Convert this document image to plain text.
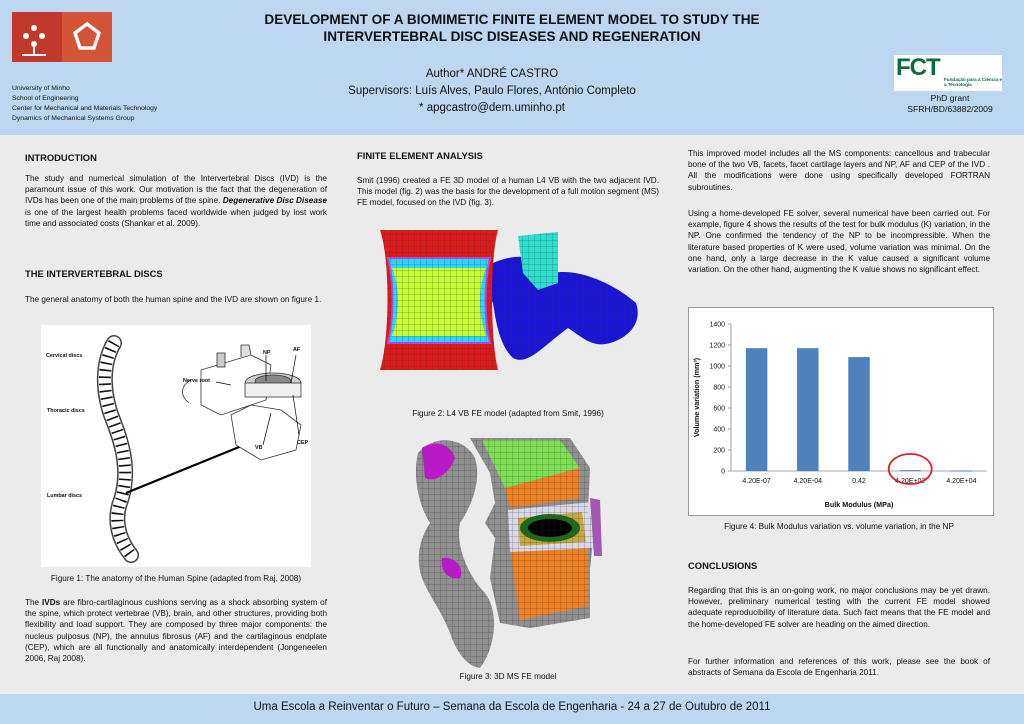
DEVELOPMENT OF A BIOMIMETIC FINITE ELEMENT MODEL TO STUDY THE
INTERVERTEBRAL DISC DISEASES AND REGENERATION
Author* ANDRÉ CASTRO
Supervisors: Luís Alves, Paulo Flores, António Completo
* apgcastro@dem.uminho.pt
University of Minho
School of Engineering
Center for Mechanical and Materials Technology
Dynamics of Mechanical Systems Group
FCT Fundação para a Ciência e a Tecnologia
PhD grant
SFRH/BD/63882/2009
INTRODUCTION
The study and numerical simulation of the Intervertebral Discs (IVD) is the paramount issue of this work. Our motivation is the fact that the degeneration of IVDs has been one of the main problems of the spine. Degenerative Disc Disease is one of the largest health problems faced worldwide when judged by lost work time and associated costs (Shankar et al. 2009).
THE INTERVERTEBRAL DISCS
The general anatomy of both the human spine and the IVD are shown on figure 1.
Cervical discs
Thoracic discs
Lumbar discs
Nerve root
NP	AF
CEP
VB
Figure 1: The anatomy of the Human Spine (adapted from Raj, 2008)
The IVDs are fibro-cartilaginous cushions serving as a shock absorbing system of the spine, which protect vertebrae (VB), brain, and other structures, providing both flexibility and load support. They are composed by three major components: the nucleus pulposus (NP), the annulus fibrosus (AF) and the cartilaginous endplate (CEP), which are all functionally and anatomically interdependent (Jongeneelen 2006, Raj 2008).
FINITE ELEMENT ANALYSIS
Smit (1996) created a FE 3D model of a human L4 VB with the two adjacent IVD. This model (fig. 2) was the basis for the development of a full motion segment (MS) FE model, focused on the IVD (fig. 3).
Figure 2: L4 VB FE model (adapted from Smit, 1996)
Figure 3: 3D MS FE model
This improved model includes all the MS components: cancellous and trabecular bone of the two VB, facets, facet cartilage layers and NP, AF and CEP of the IVD . All the modifications were done using specifically developed FORTRAN subroutines.
Using a home-developed FE solver, several numerical have been carried out. For example, figure 4 shows the results of the test for bulk modulus (K) variation, in the NP. One confirmed the tendency of the NP to be incompressible. When the literature based properties of K were used, volume variation was minimal. On the one hand, only a large decrease in the K value caused a significant volume variation. On the other hand, augmenting the K value shows no significant effect.
0
200
400
600
800
1000
1200
1400
4.20E-07	4.20E-04	0.42	4.20E+02	4.20E+04
Bulk Modulus (MPa)
Volume variation (mm³)
Figure 4: Bulk Modulus variation vs. volume variation, in the NP
CONCLUSIONS
Regarding that this is an on-going work, no major conclusions may be yet drawn. However, preliminary numerical testing with the current FE model showed adequate reproducibility of literature data. Such fact means that the FE model and the home-developed FE solver are heading on the aimed direction.
For further information and references of this work, please see the book of abstracts of Semana da Escola de Engenharia 2011.
Uma Escola a Reinventar o Futuro – Semana da Escola de Engenharia - 24 a 27 de Outubro de 2011
